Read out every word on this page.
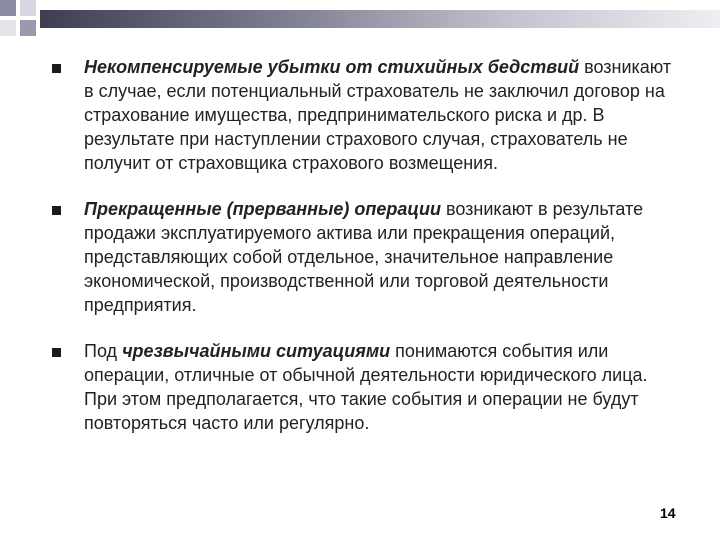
Некомпенсируемые убытки от стихийных бедствий возникают в случае, если потенциальный страхователь не заключил договор на страхование имущества, предпринимательского риска и др. В результате при наступлении страхового случая, страхователь не получит от страховщика страхового возмещения.
Прекращенные (прерванные) операции возникают в результате продажи эксплуатируемого актива или прекращения операций, представляющих собой отдельное, значительное направление экономической, производственной или торговой деятельности предприятия.
Под чрезвычайными ситуациями понимаются события или операции, отличные от обычной деятельности юридического лица. При этом предполагается, что такие события и операции не будут повторяться часто или регулярно.
14
